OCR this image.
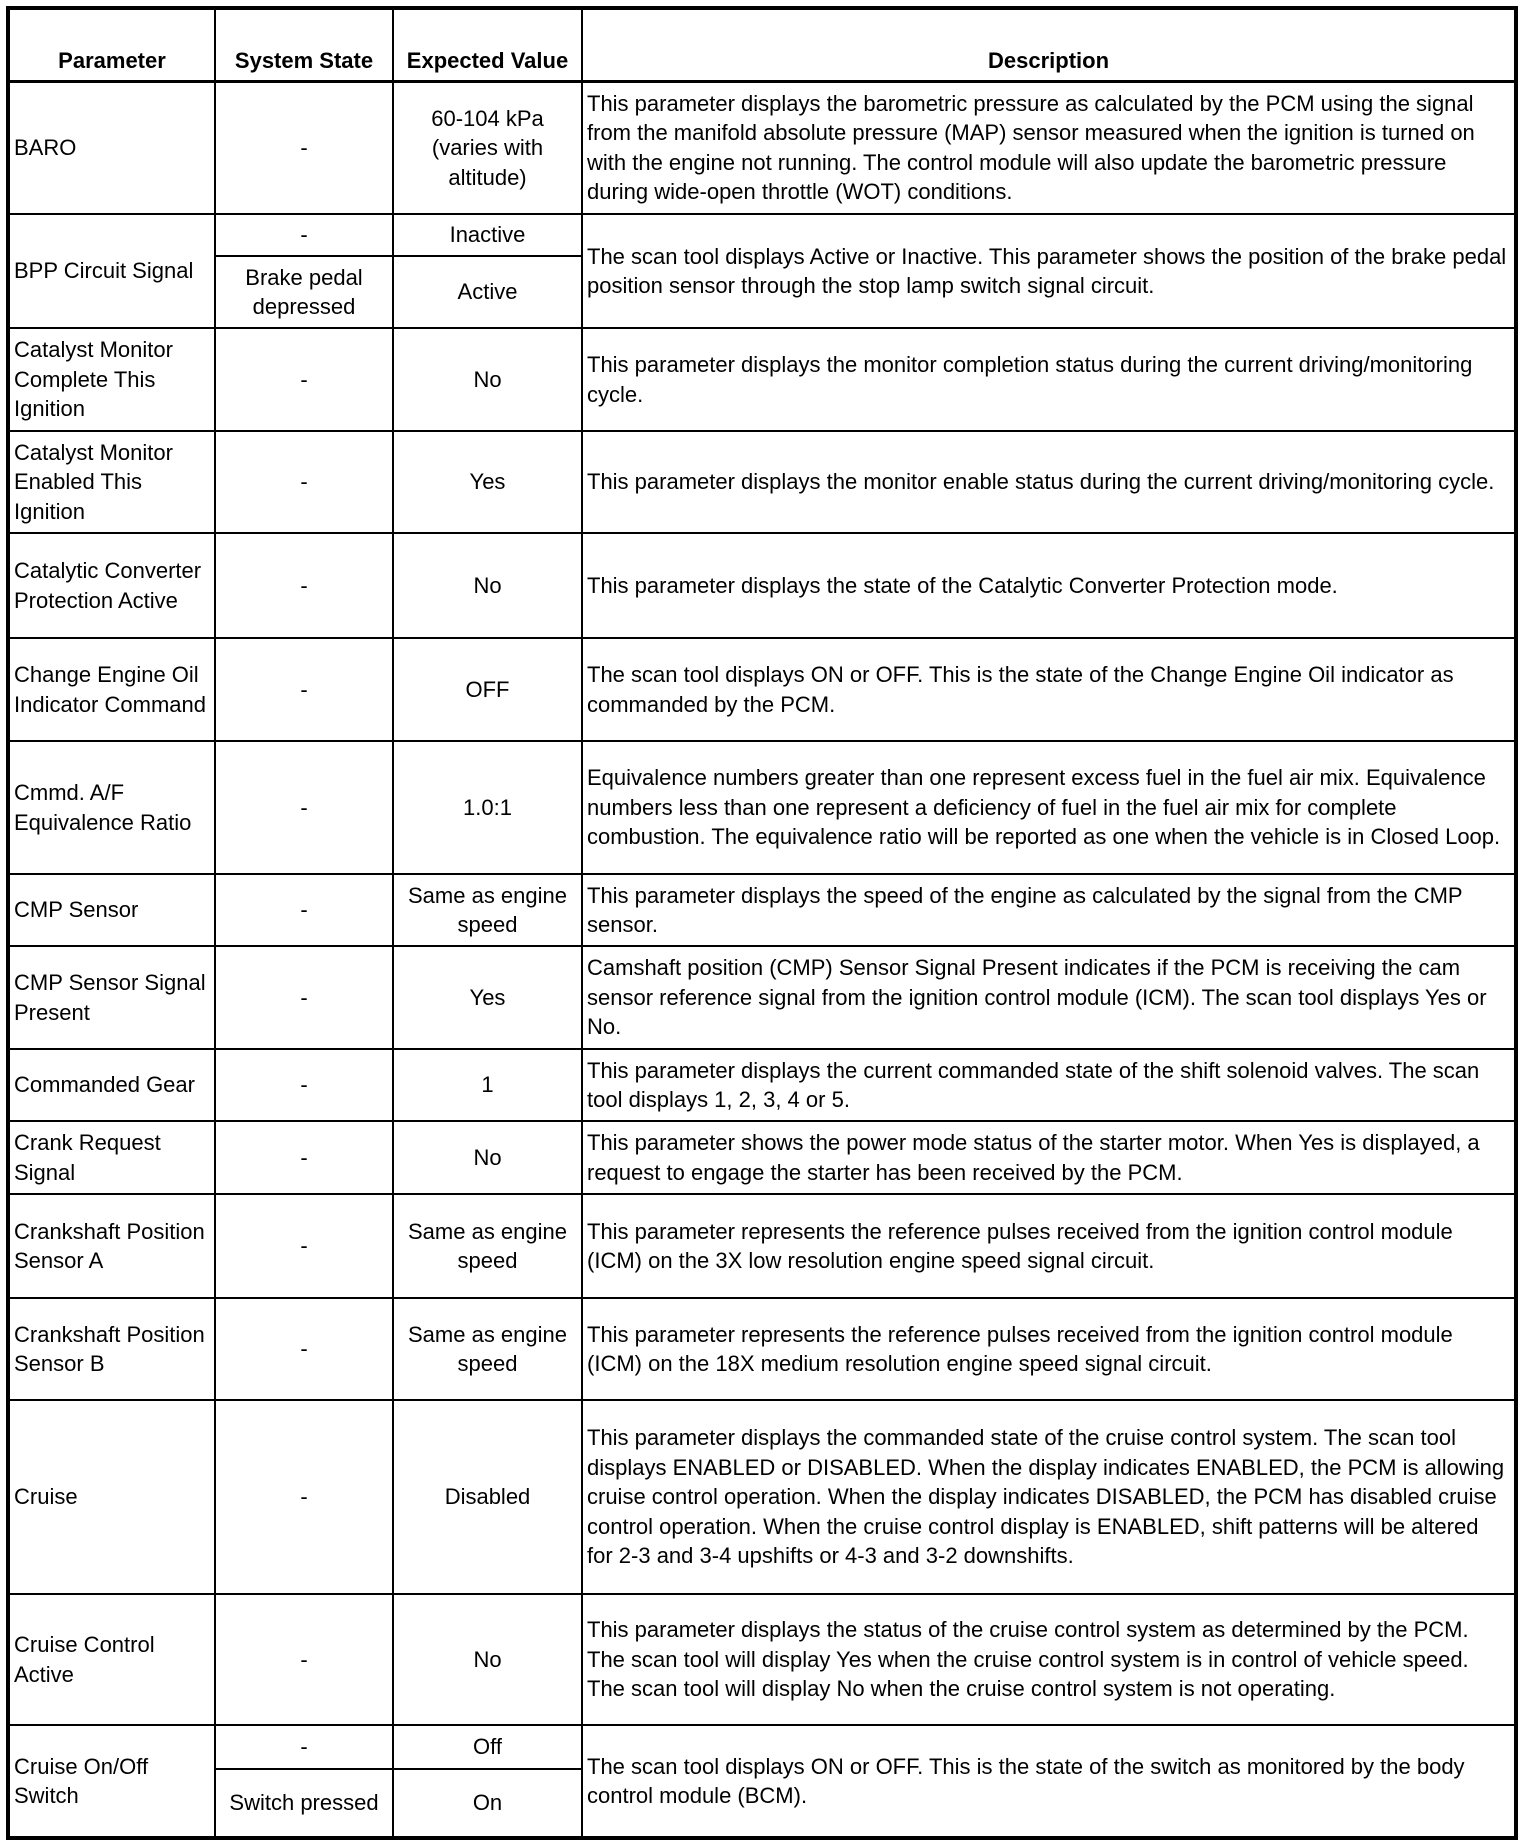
Parameter	System State	Expected Value	Description
BARO	-	60-104 kPa (varies with altitude)	This parameter displays the barometric pressure as calculated by the PCM using the signal from the manifold absolute pressure (MAP) sensor measured when the ignition is turned on with the engine not running. The control module will also update the barometric pressure during wide-open throttle (WOT) conditions.
BPP Circuit Signal	-	Inactive	The scan tool displays Active or Inactive. This parameter shows the position of the brake pedal position sensor through the stop lamp switch signal circuit.
	Brake pedal depressed	Active	
Catalyst Monitor Complete This Ignition	-	No	This parameter displays the monitor completion status during the current driving/monitoring cycle.
Catalyst Monitor Enabled This Ignition	-	Yes	This parameter displays the monitor enable status during the current driving/monitoring cycle.
Catalytic Converter Protection Active	-	No	This parameter displays the state of the Catalytic Converter Protection mode.
Change Engine Oil Indicator Command	-	OFF	The scan tool displays ON or OFF. This is the state of the Change Engine Oil indicator as commanded by the PCM.
Cmmd. A/F Equivalence Ratio	-	1.0:1	Equivalence numbers greater than one represent excess fuel in the fuel air mix. Equivalence numbers less than one represent a deficiency of fuel in the fuel air mix for complete combustion. The equivalence ratio will be reported as one when the vehicle is in Closed Loop.
CMP Sensor	-	Same as engine speed	This parameter displays the speed of the engine as calculated by the signal from the CMP sensor.
CMP Sensor Signal Present	-	Yes	Camshaft position (CMP) Sensor Signal Present indicates if the PCM is receiving the cam sensor reference signal from the ignition control module (ICM). The scan tool displays Yes or No.
Commanded Gear	-	1	This parameter displays the current commanded state of the shift solenoid valves. The scan tool displays 1, 2, 3, 4 or 5.
Crank Request Signal	-	No	This parameter shows the power mode status of the starter motor. When Yes is displayed, a request to engage the starter has been received by the PCM.
Crankshaft Position Sensor A	-	Same as engine speed	This parameter represents the reference pulses received from the ignition control module (ICM) on the 3X low resolution engine speed signal circuit.
Crankshaft Position Sensor B	-	Same as engine speed	This parameter represents the reference pulses received from the ignition control module (ICM) on the 18X medium resolution engine speed signal circuit.
Cruise	-	Disabled	This parameter displays the commanded state of the cruise control system. The scan tool displays ENABLED or DISABLED. When the display indicates ENABLED, the PCM is allowing cruise control operation. When the display indicates DISABLED, the PCM has disabled cruise control operation. When the cruise control display is ENABLED, shift patterns will be altered for 2-3 and 3-4 upshifts or 4-3 and 3-2 downshifts.
Cruise Control Active	-	No	This parameter displays the status of the cruise control system as determined by the PCM. The scan tool will display Yes when the cruise control system is in control of vehicle speed. The scan tool will display No when the cruise control system is not operating.
Cruise On/Off Switch	-	Off	The scan tool displays ON or OFF. This is the state of the switch as monitored by the body control module (BCM).
	Switch pressed	On	
